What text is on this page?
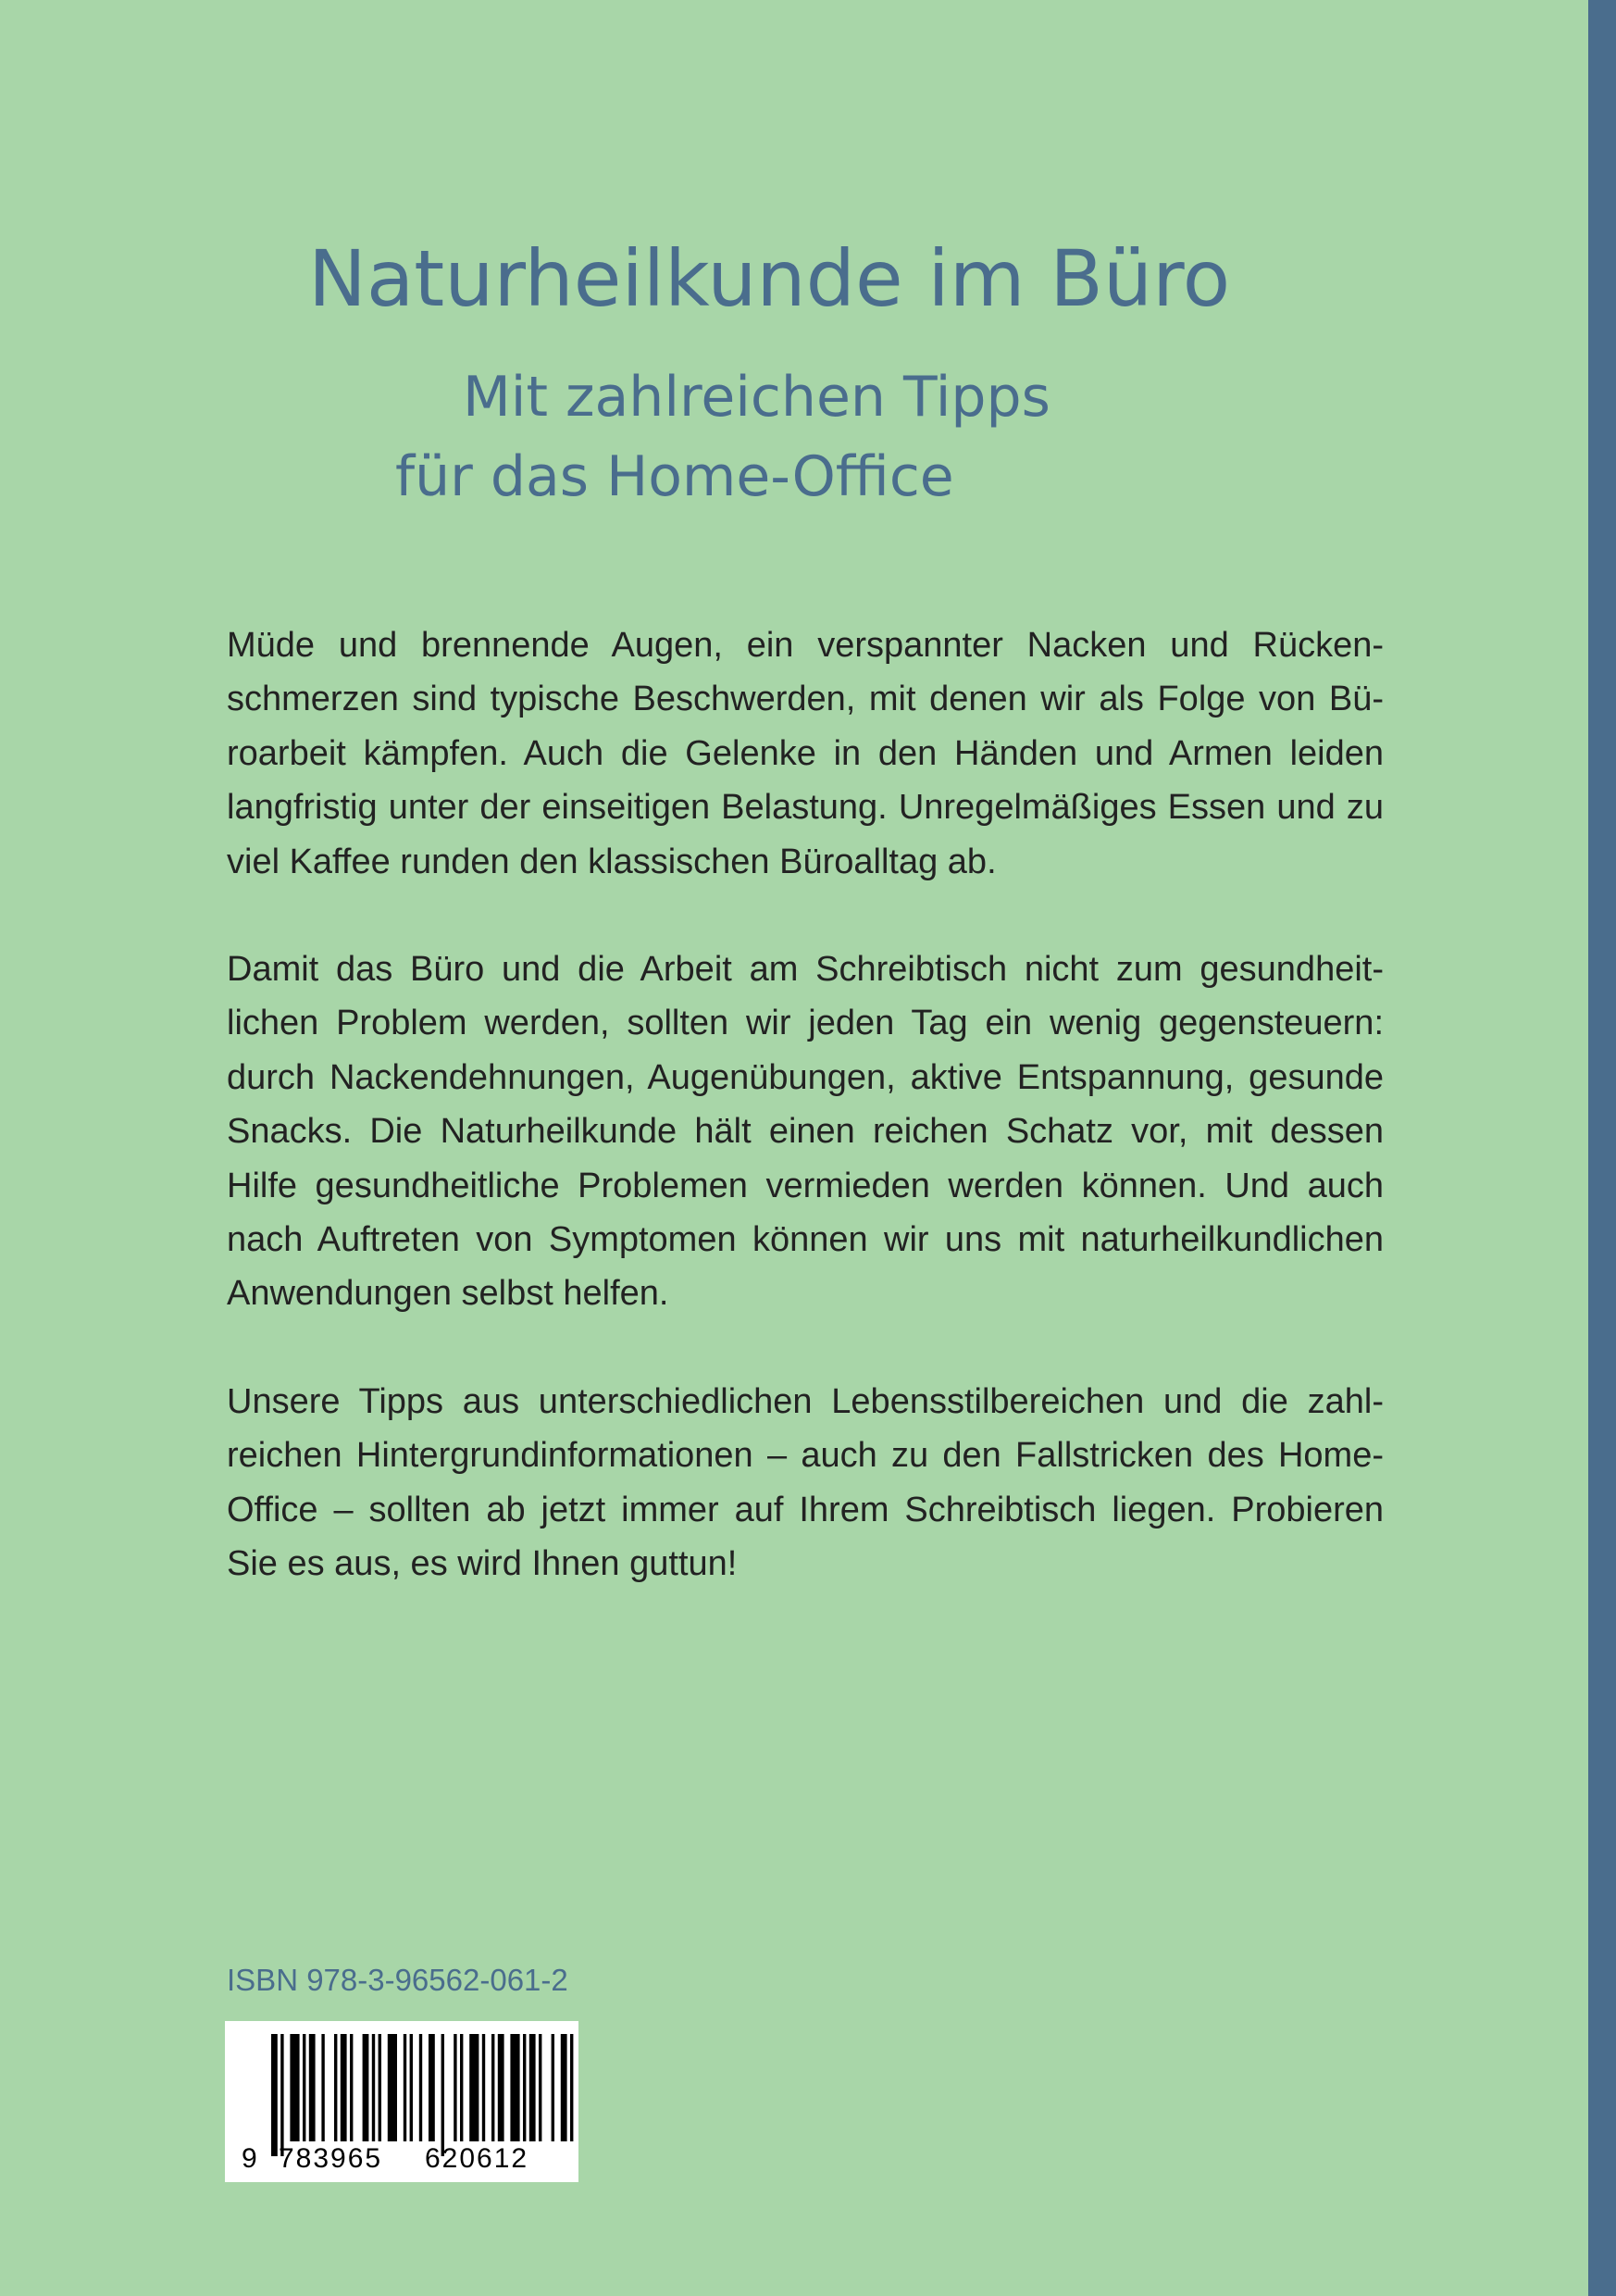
Naturheilkunde im Büro
Mit zahlreichen Tipps
für das Home-Office

Müde und brennende Augen, ein verspannter Nacken und Rückenschmerzen sind typische Beschwerden, mit denen wir als Folge von Büroarbeit kämpfen. Auch die Gelenke in den Händen und Armen leiden langfristig unter der einseitigen Belastung. Unregelmäßiges Essen und zu viel Kaffee runden den klassischen Büroalltag ab.

Damit das Büro und die Arbeit am Schreibtisch nicht zum gesundheitlichen Problem werden, sollten wir jeden Tag ein wenig gegensteuern: durch Nackendehnungen, Augenübungen, aktive Entspannung, gesunde Snacks. Die Naturheilkunde hält einen reichen Schatz vor, mit dessen Hilfe gesundheitliche Problemen vermieden werden können. Und auch nach Auftreten von Symptomen können wir uns mit naturheilkundlichen Anwendungen selbst helfen.

Unsere Tipps aus unterschiedlichen Lebensstilbereichen und die zahlreichen Hintergrundinformationen – auch zu den Fallstricken des Home-Office – sollten ab jetzt immer auf Ihrem Schreibtisch liegen. Probieren Sie es aus, es wird Ihnen guttun!

ISBN 978-3-96562-061-2

9 783965 620612
